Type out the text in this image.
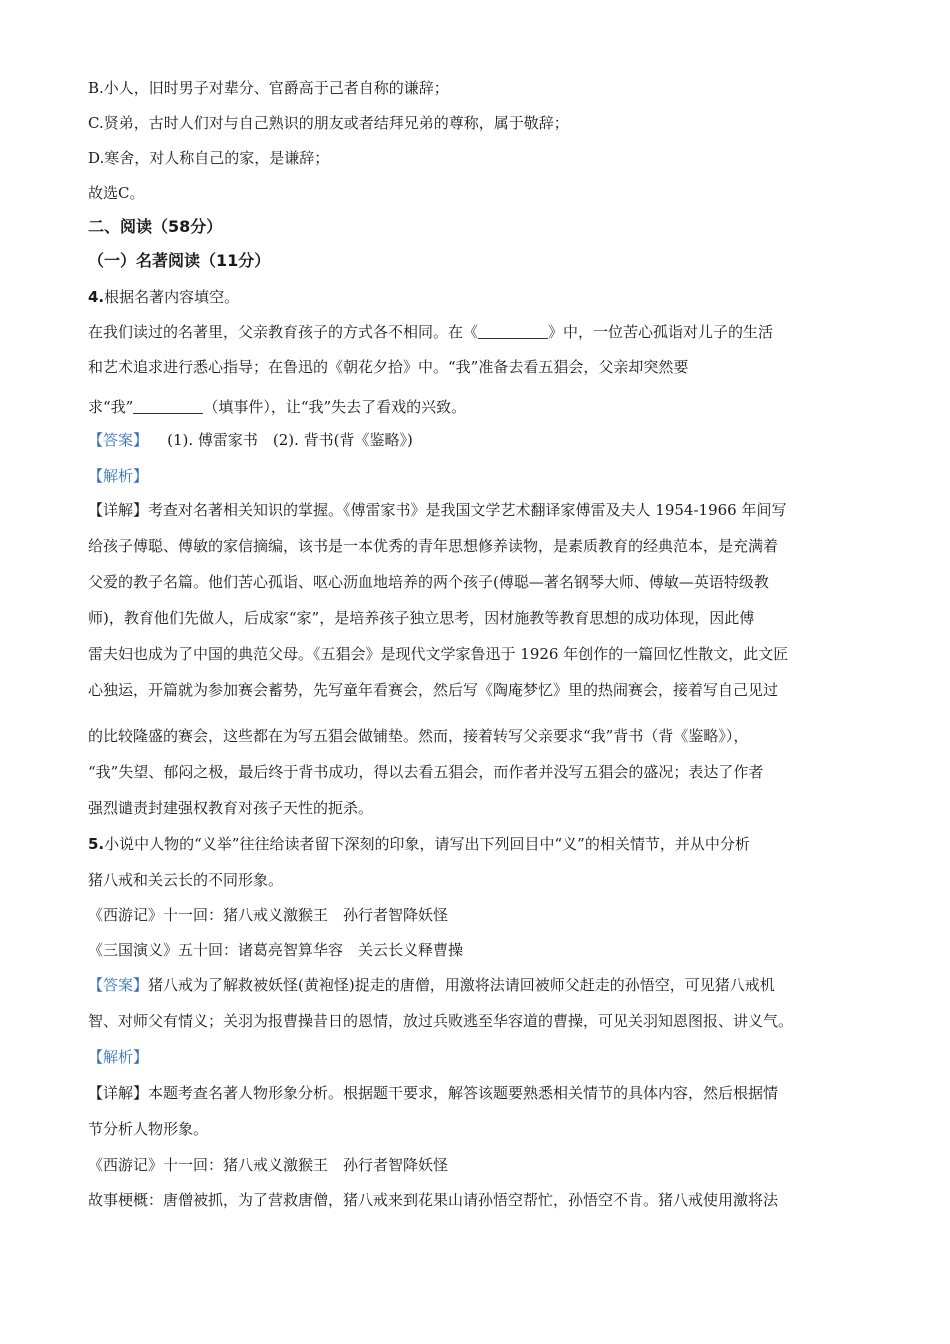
B.小人，旧时男子对辈分、官爵高于己者自称的谦辞；
C.贤弟，古时人们对与自己熟识的朋友或者结拜兄弟的尊称，属于敬辞；
D.寒舍，对人称自己的家，是谦辞；
故选C。
二、阅读（58分）
（一）名著阅读（11分）
4.根据名著内容填空。
在我们读过的名著里，父亲教育孩子的方式各不相同。在《	》中，一位苦心孤诣对儿子的生活
和艺术追求进行悉心指导；在鲁迅的《朝花夕拾》中。“我”准备去看五猖会，父亲却突然要
求“我”	（填事件），让“我”失去了看戏的兴致。
【答案】 (1). 傅雷家书　(2). 背书(背《鉴略》)
【解析】
【详解】考查对名著相关知识的掌握。《傅雷家书》是我国文学艺术翻译家傅雷及夫人 1954-1966 年间写
给孩子傅聪、傅敏的家信摘编，该书是一本优秀的青年思想修养读物，是素质教育的经典范本，是充满着
父爱的教子名篇。他们苦心孤诣、呕心沥血地培养的两个孩子(傅聪—著名钢琴大师、傅敏—英语特级教
师)，教育他们先做人，后成家“家”，是培养孩子独立思考，因材施教等教育思想的成功体现，因此傅
雷夫妇也成为了中国的典范父母。《五猖会》是现代文学家鲁迅于 1926 年创作的一篇回忆性散文，此文匠
心独运，开篇就为参加赛会蓄势，先写童年看赛会，然后写《陶庵梦忆》里的热闹赛会，接着写自己见过
的比较隆盛的赛会，这些都在为写五猖会做铺垫。然而，接着转写父亲要求“我”背书（背《鉴略》），
“我”失望、郁闷之极，最后终于背书成功，得以去看五猖会，而作者并没写五猖会的盛况；表达了作者
强烈谴责封建强权教育对孩子天性的扼杀。
5.小说中人物的“义举”往往给读者留下深刻的印象，请写出下列回目中“义”的相关情节，并从中分析
猪八戒和关云长的不同形象。
《西游记》十一回：猪八戒义激猴王　孙行者智降妖怪
《三国演义》五十回：诸葛亮智算华容　关云长义释曹操
【答案】猪八戒为了解救被妖怪(黄袍怪)捉走的唐僧，用激将法请回被师父赶走的孙悟空，可见猪八戒机
智、对师父有情义；关羽为报曹操昔日的恩情，放过兵败逃至华容道的曹操，可见关羽知恩图报、讲义气。
【解析】
【详解】本题考查名著人物形象分析。根据题干要求，解答该题要熟悉相关情节的具体内容，然后根据情
节分析人物形象。
《西游记》十一回：猪八戒义激猴王　孙行者智降妖怪
故事梗概：唐僧被抓，为了营救唐僧，猪八戒来到花果山请孙悟空帮忙，孙悟空不肯。猪八戒使用激将法
